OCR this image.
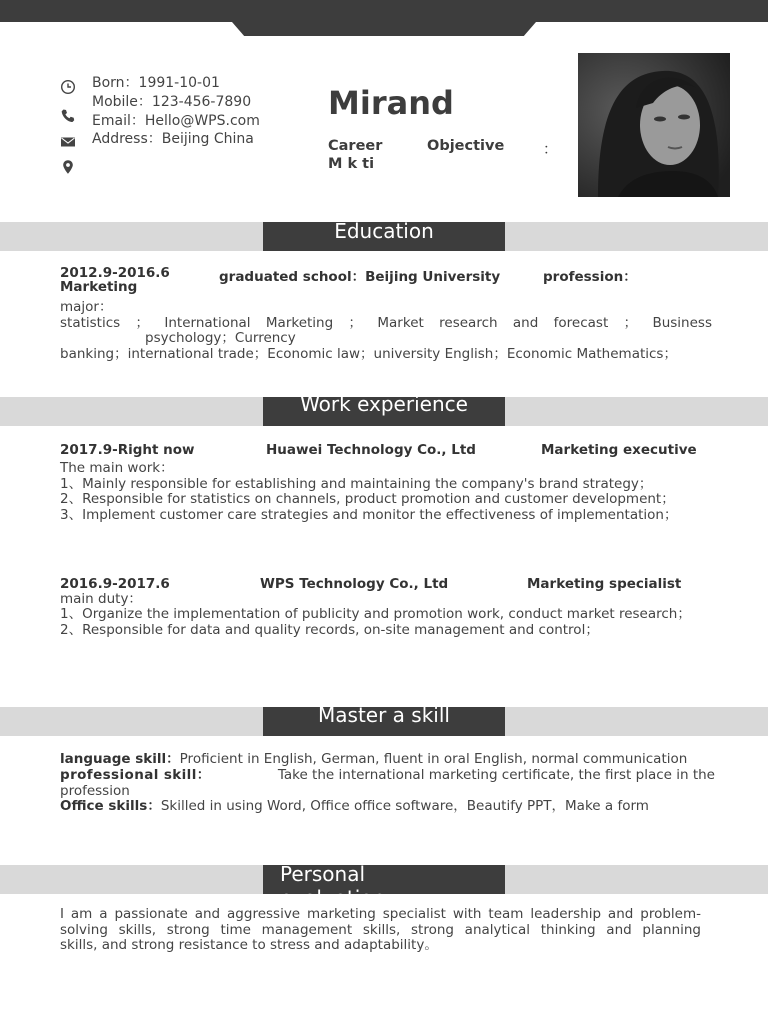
Born：1991-10-01
Mobile：123-456-7890
Email：Hello@WPS.com
Address：Beijing China
Mirand
Career	Objective	：
M k ti
Education
2012.9-2016.6	graduated school：Beijing University	profession：
Marketing
major：
statistics ； International Marketing ； Market research and forecast ； Business
psychology；Currency
banking；international trade；Economic law；university English；Economic Mathematics；
Work experience
2017.9-Right now	Huawei Technology Co., Ltd	Marketing executive
The main work：
1、Mainly responsible for establishing and maintaining the company's brand strategy；
2、Responsible for statistics on channels, product promotion and customer development；
3、Implement customer care strategies and monitor the effectiveness of implementation；
2016.9-2017.6	WPS Technology Co., Ltd	Marketing specialist
main duty：
1、Organize the implementation of publicity and promotion work, conduct market research；
2、Responsible for data and quality records, on-site management and control；
Master a skill
language skill：Proficient in English, German, fluent in oral English, normal communication
professional skill：	Take the international marketing certificate, the first place in the
profession
Office skills：Skilled in using Word, Office office software，Beautify PPT，Make a form
Personal
evaluation
I am a passionate and aggressive marketing specialist with team leadership and problem-
solving skills, strong time management skills, strong analytical thinking and planning
skills, and strong resistance to stress and adaptability。
